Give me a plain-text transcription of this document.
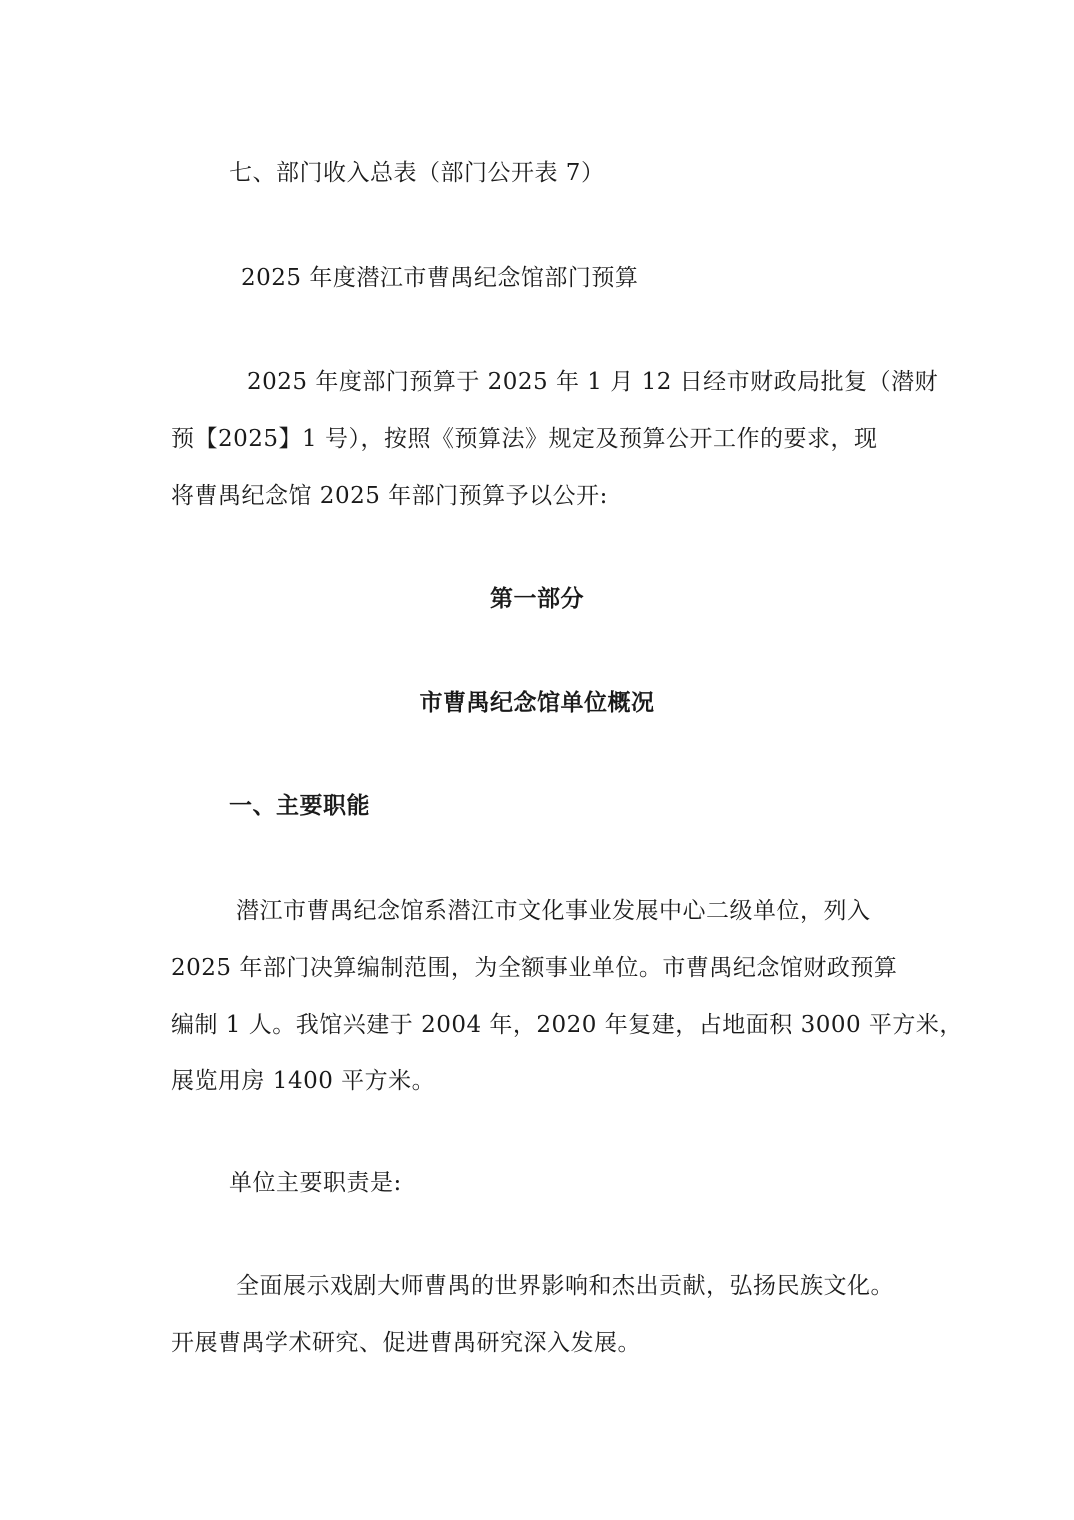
七、部门收入总表（部门公开表 7）
2025 年度潜江市曹禺纪念馆部门预算
2025 年度部门预算于 2025 年 1 月 12 日经市财政局批复（潜财
预【2025】1 号），按照《预算法》规定及预算公开工作的要求，现
将曹禺纪念馆 2025 年部门预算予以公开:
第一部分
市曹禺纪念馆单位概况
一、主要职能
潜江市曹禺纪念馆系潜江市文化事业发展中心二级单位，列入
2025 年部门决算编制范围，为全额事业单位。市曹禺纪念馆财政预算
编制 1 人。我馆兴建于 2004 年，2020 年复建，占地面积 3000 平方米，
展览用房 1400 平方米。
单位主要职责是:
全面展示戏剧大师曹禺的世界影响和杰出贡献，弘扬民族文化。
开展曹禺学术研究、促进曹禺研究深入发展。
